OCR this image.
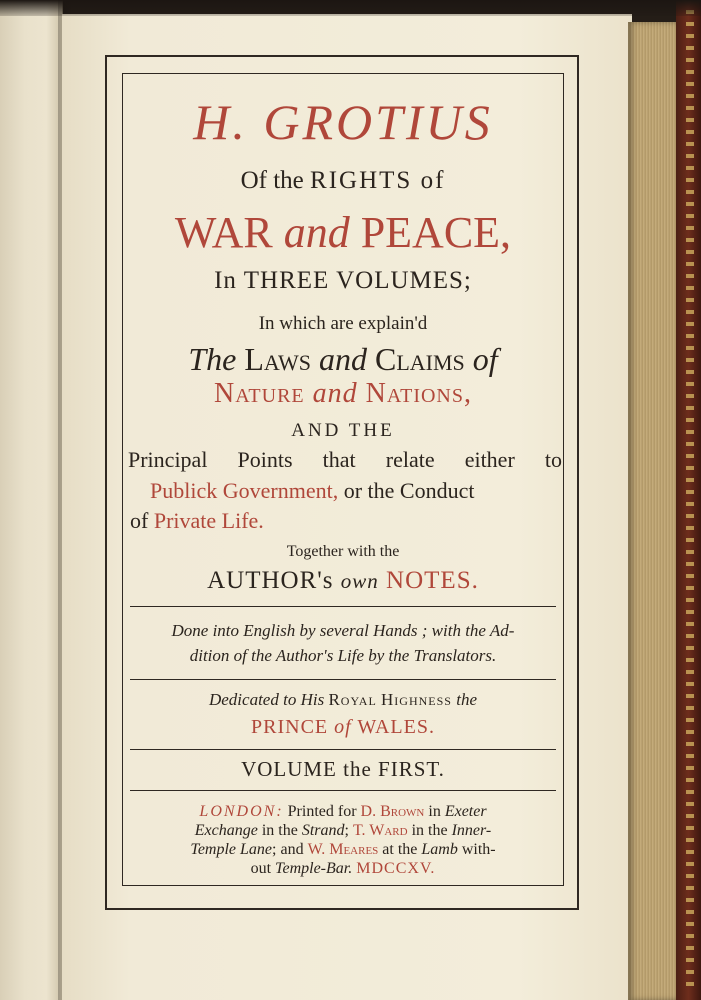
H. GROTIUS
Of the RIGHTS of
WAR and PEACE,
In THREE VOLUMES;
In which are explain'd
The Laws and Claims of
Nature and Nations,
AND THE
Principal Points that relate either to
Publick Government, or the Conduct
of Private Life.
Together with the
AUTHOR's own NOTES.
Done into English by several Hands ; with the Ad-
dition of the Author's Life by the Translators.
Dedicated to His Royal Highness the
PRINCE of WALES.
VOLUME the FIRST.
LONDON: Printed for D. Brown in Exeter
Exchange in the Strand; T. Ward in the Inner-
Temple Lane; and W. Meares at the Lamb with-
out Temple-Bar. MDCCXV.
